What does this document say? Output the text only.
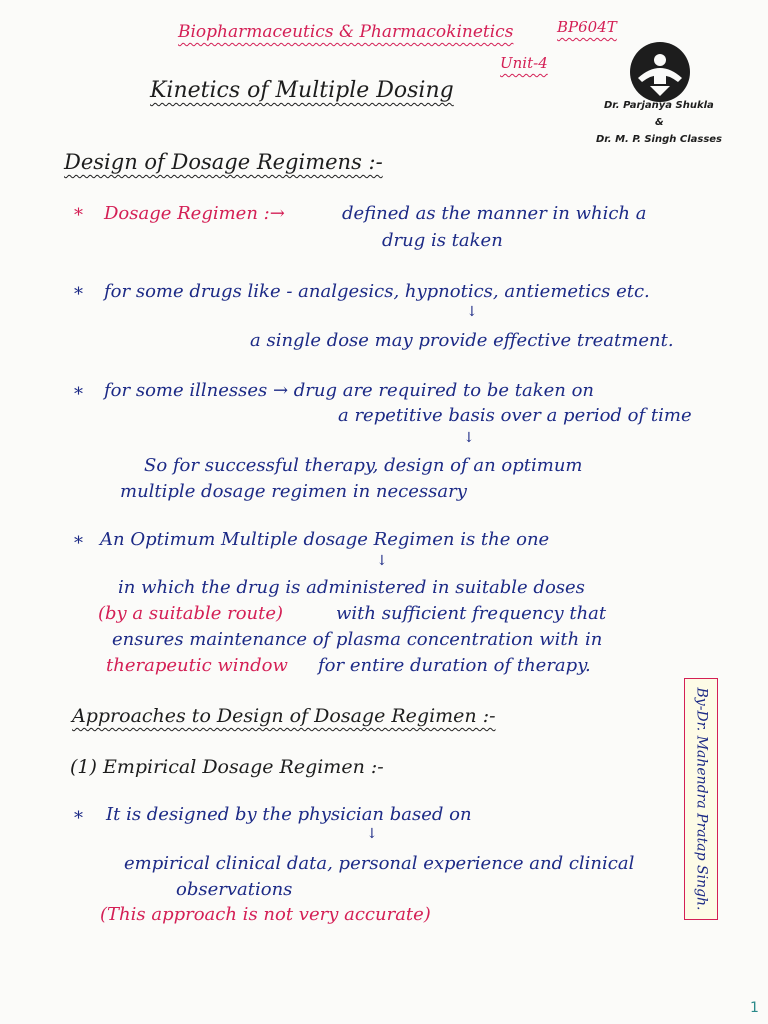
Biopharmaceutics & Pharmacokinetics	BP604T
Unit-4
Kinetics of Multiple Dosing
Dr. Parjanya Shukla
&
Dr. M. P. Singh Classes
Design of Dosage Regimens :-
* Dosage Regimen :→	defined as the manner in which a
drug is taken
* for some drugs like - analgesics, hypnotics, antiemetics etc.
↓
a single dose may provide effective treatment.
* for some illnesses → drug are required to be taken on
a repetitive basis over a period of time
↓
So for successful therapy, design of an optimum
multiple dosage regimen in necessary
* An Optimum Multiple dosage Regimen is the one
↓
in which the drug is administered in suitable doses
(by a suitable route)	with sufficient frequency that
ensures maintenance of plasma concentration with in
therapeutic window for entire duration of therapy.
Approaches to Design of Dosage Regimen :-
(1) Empirical Dosage Regimen :-
* It is designed by the physician based on
↓
empirical clinical data, personal experience and clinical
observations
(This approach is not very accurate)
By-Dr. Mahendra Pratap Singh.
1
